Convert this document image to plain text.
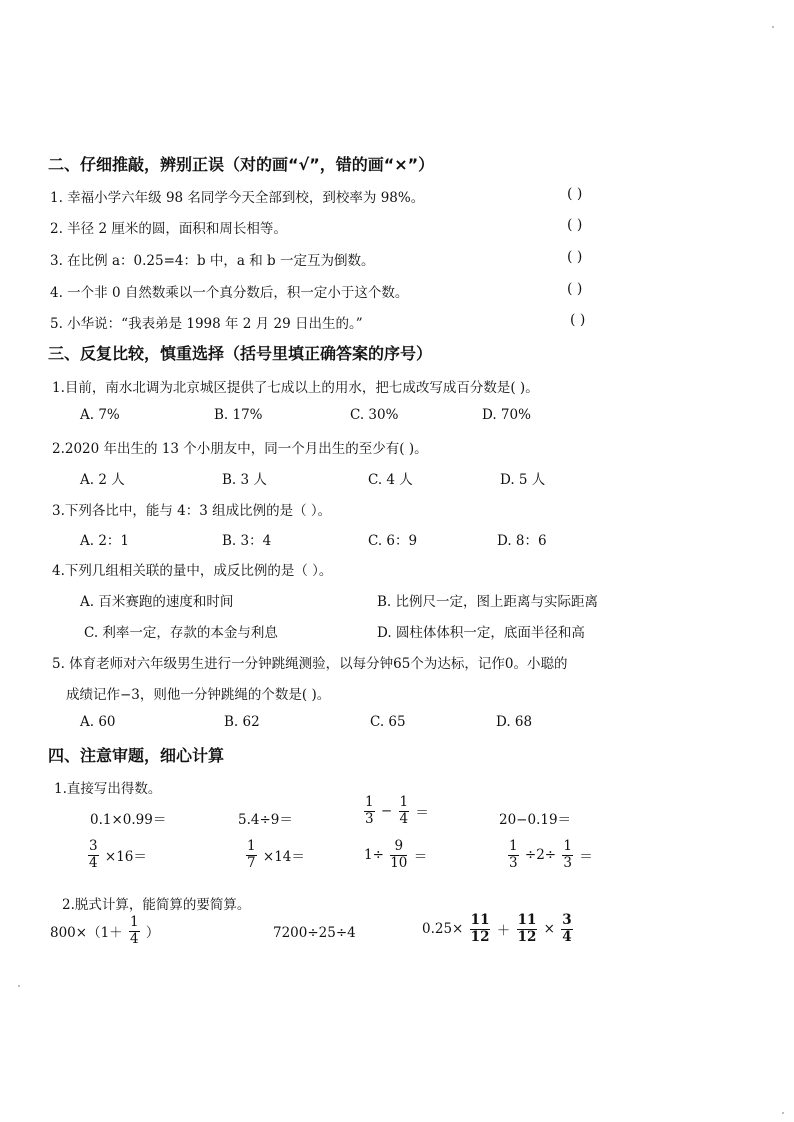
二、仔细推敲，辨别正误（对的画“√”，错的画“×”）
1. 幸福小学六年级 98 名同学今天全部到校，到校率为 98%。	( )
2. 半径 2 厘米的圆，面积和周长相等。	( )
3. 在比例 a：0.25=4：b 中，a 和 b 一定互为倒数。	( )
4. 一个非 0 自然数乘以一个真分数后，积一定小于这个数。	( )
5. 小华说：“我表弟是 1998 年 2 月 29 日出生的。”	( )
三、反复比较，慎重选择（括号里填正确答案的序号）
1.目前，南水北调为北京城区提供了七成以上的用水，把七成改写成百分数是( )。
A. 7%	B. 17%	C. 30%	D. 70%
2.2020 年出生的 13 个小朋友中，同一个月出生的至少有( )。
A. 2 人	B. 3 人	C. 4 人	D. 5 人
3.下列各比中，能与 4：3 组成比例的是（ ）。
A. 2：1	B. 3：4	C. 6：9	D. 8：6
4.下列几组相关联的量中，成反比例的是（ ）。
A. 百米赛跑的速度和时间	B. 比例尺一定，图上距离与实际距离
C. 利率一定，存款的本金与利息	D. 圆柱体体积一定，底面半径和高
5. 体育老师对六年级男生进行一分钟跳绳测验，以每分钟65个为达标，记作0。小聪的
成绩记作−3，则他一分钟跳绳的个数是( )。
A. 60	B. 62	C. 65	D. 68
四、注意审题，细心计算
1.直接写出得数。
0.1×0.99＝	5.4÷9＝	$\frac{1}{3} - \frac{1}{4}$ ＝	20−0.19＝
$\frac{3}{4} \times 16=$	$\frac{1}{7} \times 14=$	$1\div \frac{9}{10}$ ＝	$\frac{1}{3} \div 2\div \frac{1}{3}$ ＝
2.脱式计算，能简算的要简算。
$800\times(1+ \frac{1}{4}$ ）	7200÷25÷4	$0.25\times \frac{11}{12} + \frac{11}{12} \times \frac{3}{4}$
